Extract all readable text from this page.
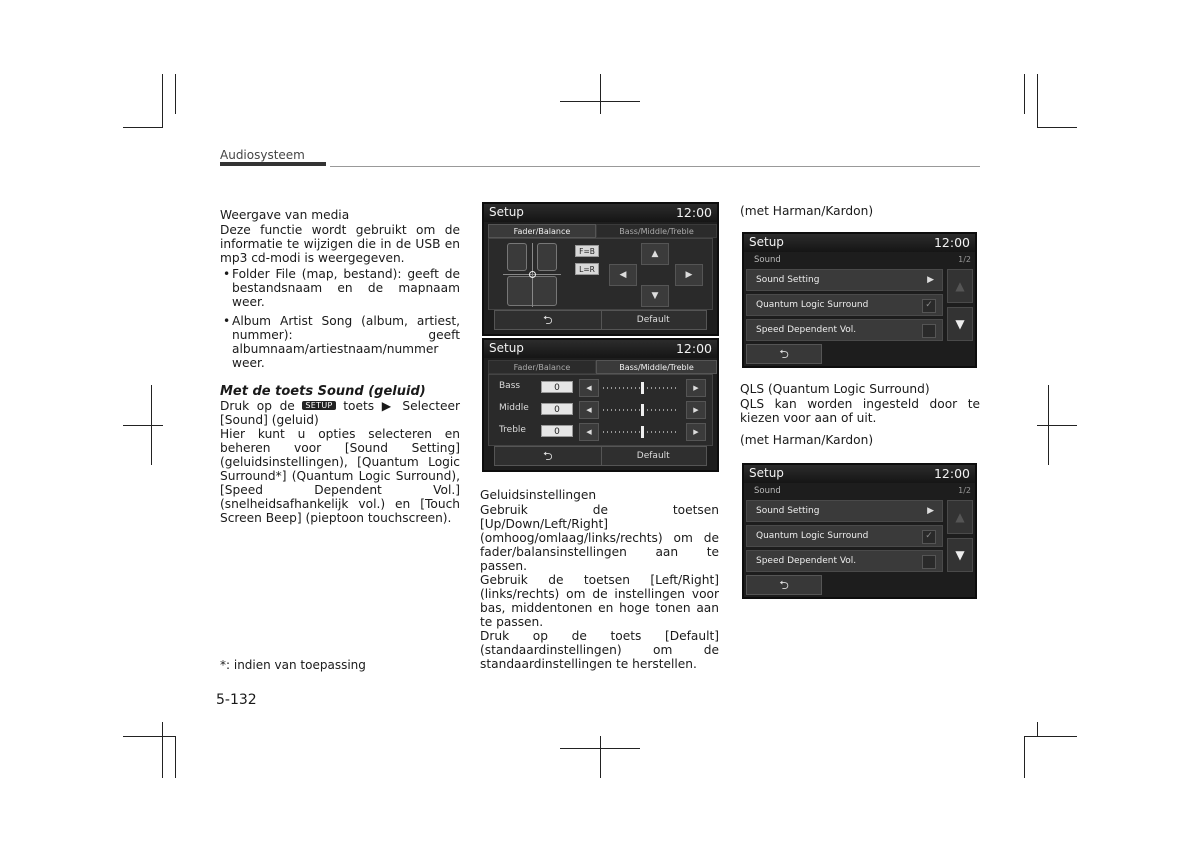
Audiosysteem
Weergave van media

Deze functie wordt gebruikt om de informatie te wijzigen die in de USB en mp3 cd-modi is weergegeven.

• Folder File (map, bestand): geeft de bestandsnaam en de mapnaam weer.
• Album Artist Song (album, artiest, nummer): geeft albumnaam/artiestnaam/nummer weer.
Met de toets Sound (geluid)

Druk op de SETUP toets ▶ Selecteer [Sound] (geluid)

Hier kunt u opties selecteren en beheren voor [Sound Setting] (geluidsinstellingen), [Quantum Logic Surround*] (Quantum Logic Surround), [Speed Dependent Vol.] (snelheidsafhankelijk vol.) en [Touch Screen Beep] (pieptoon touchscreen).

*: indien van toepassing
5-132
Setup	12:00
Fader/Balance	Bass/Middle/Treble
F=B
L=R
▲
◀	▶
▼
⮌	Default
Setup	12:00
Fader/Balance	Bass/Middle/Treble
Bass	0	◀	▶
Middle	0	◀	▶
Treble	0	◀	▶
⮌	Default
Geluidsinstellingen

Gebruik de toetsen [Up/Down/Left/Right] (omhoog/omlaag/links/rechts) om de fader/balansinstellingen aan te passen.

Gebruik de toetsen [Left/Right] (links/rechts) om de instellingen voor bas, middentonen en hoge tonen aan te passen.

Druk op de toets [Default] (standaardinstellingen) om de standaardinstellingen te herstellen.

(met Harman/Kardon)
Setup	12:00
Sound	1/2
Sound Setting	▶
Quantum Logic Surround	✓
Speed Dependent Vol.
▲
▼
⮌
QLS (Quantum Logic Surround)

QLS kan worden ingesteld door te kiezen voor aan of uit.

(met Harman/Kardon)
Setup	12:00
Sound	1/2
Sound Setting	▶
Quantum Logic Surround	✓
Speed Dependent Vol.
▲
▼
⮌
